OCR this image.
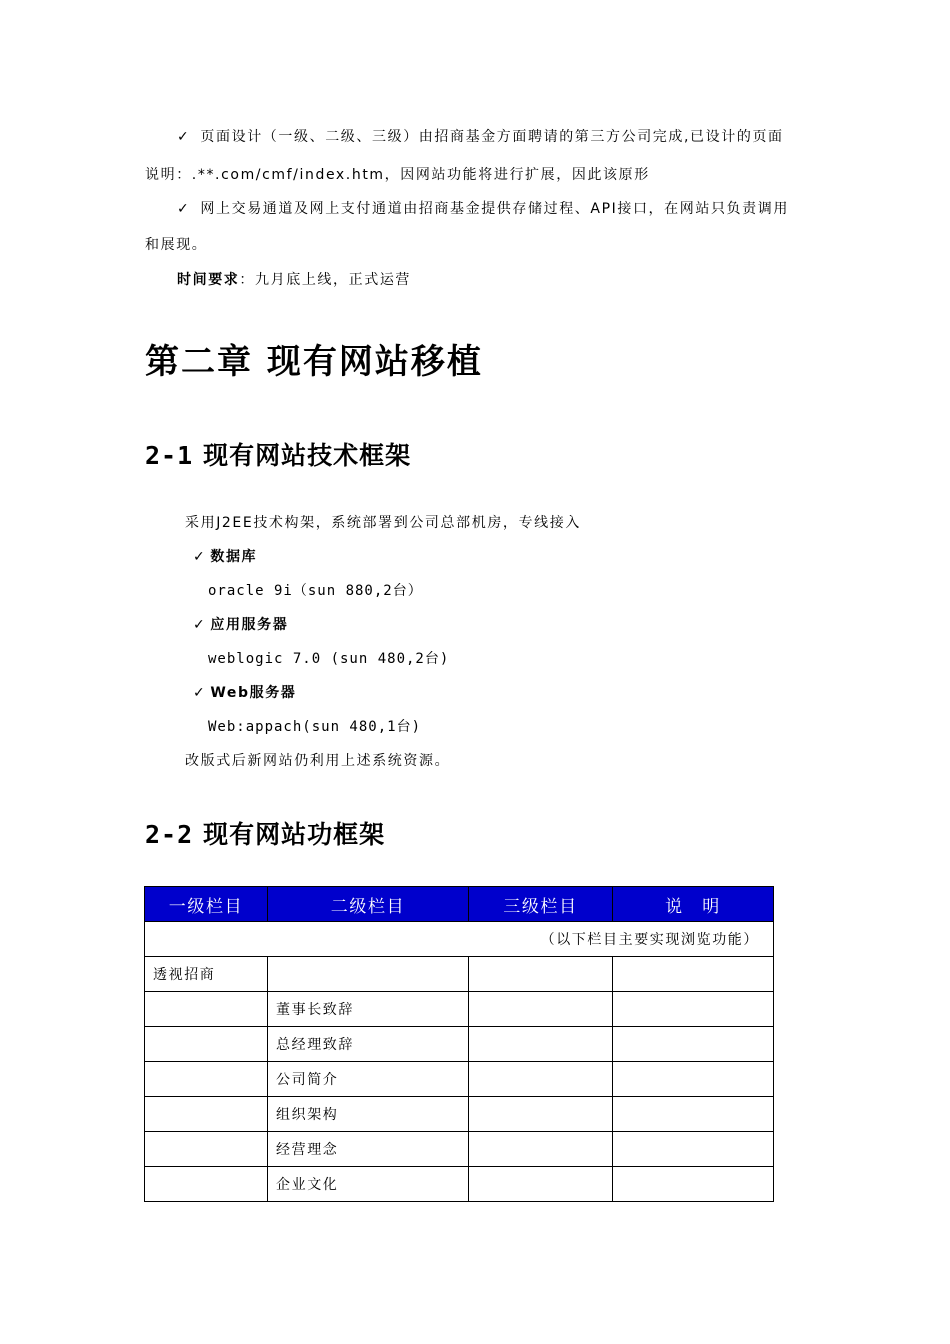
✓ 页面设计（一级、二级、三级）由招商基金方面聘请的第三方公司完成,已设计的页面
说明：.**.com/cmf/index.htm，因网站功能将进行扩展，因此该原形
✓ 网上交易通道及网上支付通道由招商基金提供存储过程、API接口，在网站只负责调用
和展现。
时间要求：九月底上线，正式运营
第二章 现有网站移植
2-1 现有网站技术框架
采用J2EE技术构架，系统部署到公司总部机房，专线接入
✓ 数据库
oracle 9i（sun 880,2台）
✓ 应用服务器
weblogic 7.0 (sun 480,2台)
✓ Web服务器
Web:appach(sun 480,1台)
改版式后新网站仍利用上述系统资源。
2-2 现有网站功框架
一级栏目	二级栏目	三级栏目	说　明
（以下栏目主要实现浏览功能）			
透视招商			
	董事长致辞		
	总经理致辞		
	公司简介		
	组织架构		
	经营理念		
	企业文化		
